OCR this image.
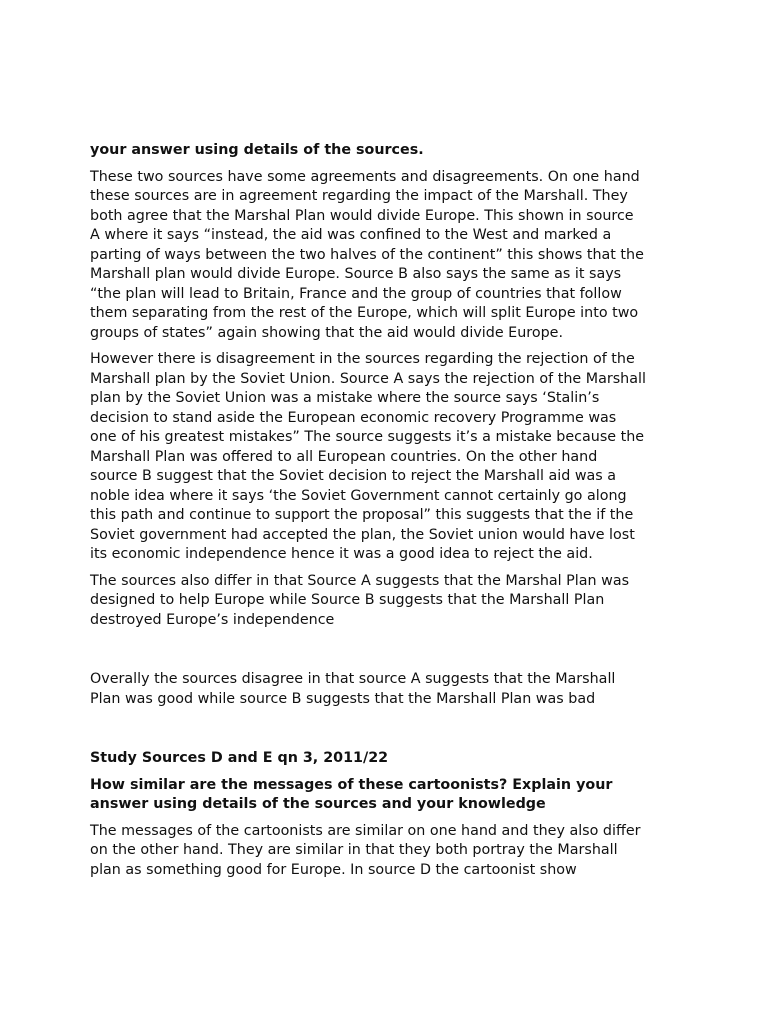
your answer using details of the sources.

These two sources have some agreements and disagreements. On one hand
these sources are in agreement regarding the impact of the Marshall. They
both agree that the Marshal Plan would divide Europe. This shown in source
A where it says “instead, the aid was confined to the West and marked a
parting of ways between the two halves of the continent” this shows that the
Marshall plan would divide Europe. Source B also says the same as it says
“the plan will lead to Britain, France and the group of countries that follow
them separating from the rest of the Europe, which will split Europe into two
groups of states” again showing that the aid would divide Europe.

However there is disagreement in the sources regarding the rejection of the
Marshall plan by the Soviet Union. Source A says the rejection of the Marshall
plan by the Soviet Union was a mistake where the source says ‘Stalin’s
decision to stand aside the European economic recovery Programme was
one of his greatest mistakes” The source suggests it’s a mistake because the
Marshall Plan was offered to all European countries. On the other hand
source B suggest that the Soviet decision to reject the Marshall aid was a
noble idea where it says ‘the Soviet Government cannot certainly go along
this path and continue to support the proposal” this suggests that the if the
Soviet government had accepted the plan, the Soviet union would have lost
its economic independence hence it was a good idea to reject the aid.

The sources also differ in that Source A suggests that the Marshal Plan was
designed to help Europe while Source B suggests that the Marshall Plan
destroyed Europe’s independence

Overally the sources disagree in that source A suggests that the Marshall
Plan was good while source B suggests that the Marshall Plan was bad

Study Sources D and E qn 3, 2011/22

How similar are the messages of these cartoonists? Explain your
answer using details of the sources and your knowledge

The messages of the cartoonists are similar on one hand and they also differ
on the other hand. They are similar in that they both portray the Marshall
plan as something good for Europe. In source D the cartoonist show
